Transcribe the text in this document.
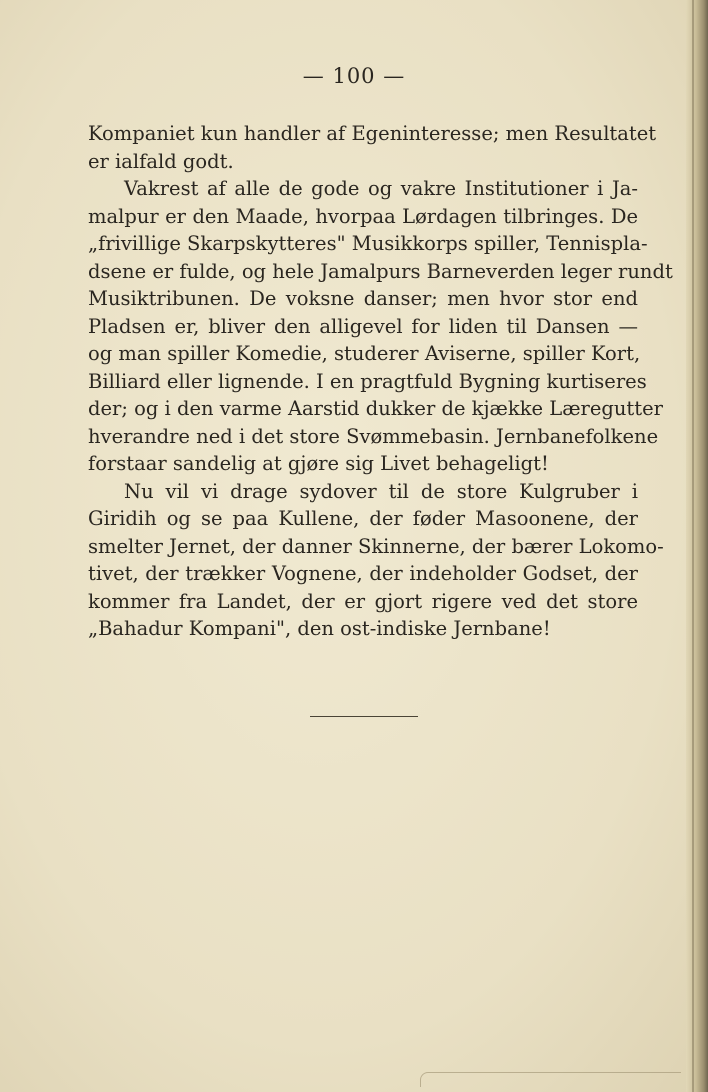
— 100 —
Kompaniet kun handler af Egeninteresse; men Resultatet
er ialfald godt.
Vakrest af alle de gode og vakre Institutioner i Ja-
malpur er den Maade, hvorpaa Lørdagen tilbringes. De
„frivillige Skarpskytteres" Musikkorps spiller, Tennispla-
dsene er fulde, og hele Jamalpurs Barneverden leger rundt
Musiktribunen. De voksne danser; men hvor stor end
Pladsen er, bliver den alligevel for liden til Dansen —
og man spiller Komedie, studerer Aviserne, spiller Kort,
Billiard eller lignende. I en pragtfuld Bygning kurtiseres
der; og i den varme Aarstid dukker de kjække Læregutter
hverandre ned i det store Svømmebasin. Jernbanefolkene
forstaar sandelig at gjøre sig Livet behageligt!
Nu vil vi drage sydover til de store Kulgruber i
Giridih og se paa Kullene, der føder Masoonene, der
smelter Jernet, der danner Skinnerne, der bærer Lokomo-
tivet, der trækker Vognene, der indeholder Godset, der
kommer fra Landet, der er gjort rigere ved det store
„Bahadur Kompani", den ost-indiske Jernbane!
